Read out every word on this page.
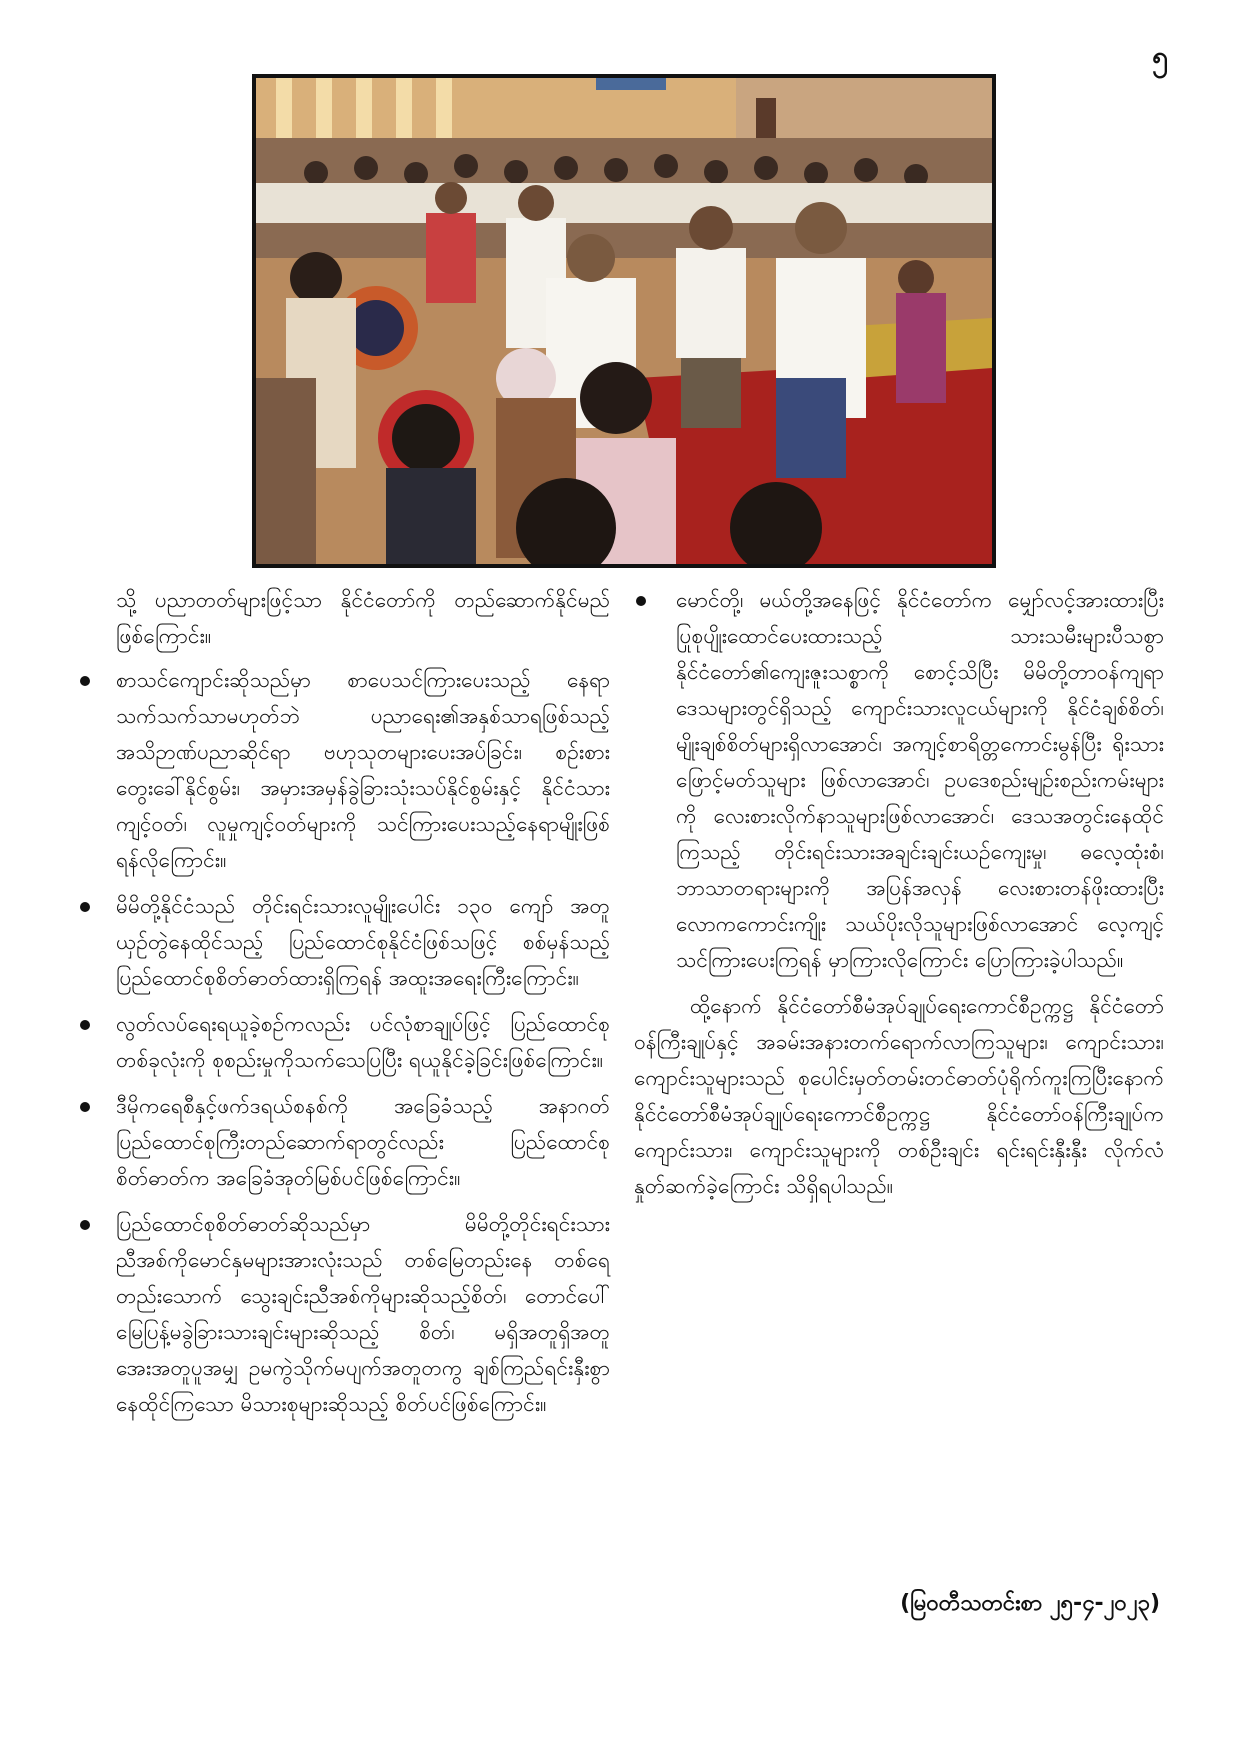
၅

သို့ ပညာတတ်များဖြင့်သာ နိုင်ငံတော်ကို တည်ဆောက်နိုင်မည်ဖြစ်ကြောင်း။

စာသင်ကျောင်းဆိုသည်မှာ စာပေသင်ကြားပေးသည့် နေရာသက်သက်သာမဟုတ်ဘဲ ပညာရေး၏အနှစ်သာရဖြစ်သည့် အသိဉာဏ်ပညာဆိုင်ရာ ဗဟုသုတများပေးအပ်ခြင်း၊ စဉ်းစားတွေးခေါ်နိုင်စွမ်း၊ အမှားအမှန်ခွဲခြားသုံးသပ်နိုင်စွမ်းနှင့် နိုင်ငံသားကျင့်ဝတ်၊ လူမှုကျင့်ဝတ်များကို သင်ကြားပေးသည့်နေရာမျိုးဖြစ်ရန်လိုကြောင်း။
မိမိတို့နိုင်ငံသည် တိုင်းရင်းသားလူမျိုးပေါင်း ၁၃၀ ကျော် အတူယှဉ်တွဲနေထိုင်သည့် ပြည်ထောင်စုနိုင်ငံဖြစ်သဖြင့် စစ်မှန်သည့်ပြည်ထောင်စုစိတ်ဓာတ်ထားရှိကြရန် အထူးအရေးကြီးကြောင်း။
လွတ်လပ်ရေးရယူခဲ့စဉ်ကလည်း ပင်လုံစာချုပ်ဖြင့် ပြည်ထောင်စုတစ်ခုလုံးကို စုစည်းမှုကိုသက်သေပြပြီး ရယူနိုင်ခဲ့ခြင်းဖြစ်ကြောင်း။
ဒီမိုကရေစီနှင့်ဖက်ဒရယ်စနစ်ကို အခြေခံသည့် အနာဂတ်ပြည်ထောင်စုကြီးတည်ဆောက်ရာတွင်လည်း ပြည်ထောင်စုစိတ်ဓာတ်က အခြေခံအုတ်မြစ်ပင်ဖြစ်ကြောင်း။
ပြည်ထောင်စုစိတ်ဓာတ်ဆိုသည်မှာ မိမိတို့တိုင်းရင်းသားညီအစ်ကိုမောင်နှမများအားလုံးသည် တစ်မြေတည်းနေ တစ်ရေတည်းသောက် သွေးချင်းညီအစ်ကိုများဆိုသည့်စိတ်၊ တောင်ပေါ်မြေပြန့်မခွဲခြားသားချင်းများဆိုသည့် စိတ်၊ မရှိအတူရှိအတူ အေးအတူပူအမျှ ဥမကွဲသိုက်မပျက်အတူတကွ ချစ်ကြည်ရင်းနှီးစွာ နေထိုင်ကြသော မိသားစုများဆိုသည့် စိတ်ပင်ဖြစ်ကြောင်း။
မောင်တို့၊ မယ်တို့အနေဖြင့် နိုင်ငံတော်က မျှော်လင့်အားထားပြီး ပြုစုပျိုးထောင်ပေးထားသည့် သားသမီးများပီသစွာ နိုင်ငံတော်၏ကျေးဇူးသစ္စာကို စောင့်သိပြီး မိမိတို့တာဝန်ကျရာဒေသများတွင်ရှိသည့် ကျောင်းသားလူငယ်များကို နိုင်ငံချစ်စိတ်၊ မျိုးချစ်စိတ်များရှိလာအောင်၊ အကျင့်စာရိတ္တကောင်းမွန်ပြီး ရိုးသားဖြောင့်မတ်သူများ ဖြစ်လာအောင်၊ ဥပဒေစည်းမျဉ်းစည်းကမ်းများကို လေးစားလိုက်နာသူများဖြစ်လာအောင်၊ ဒေသအတွင်းနေထိုင်ကြသည့် တိုင်းရင်းသားအချင်းချင်းယဉ်ကျေးမှု၊ ဓလေ့ထုံးစံ၊ ဘာသာတရားများကို အပြန်အလှန် လေးစားတန်ဖိုးထားပြီး လောကကောင်းကျိုး သယ်ပိုးလိုသူများဖြစ်လာအောင် လေ့ကျင့်သင်ကြားပေးကြရန် မှာကြားလိုကြောင်း ပြောကြားခဲ့ပါသည်။

ထို့နောက် နိုင်ငံတော်စီမံအုပ်ချုပ်ရေးကောင်စီဥက္ကဋ္ဌ နိုင်ငံတော်ဝန်ကြီးချုပ်နှင့် အခမ်းအနားတက်ရောက်လာကြသူများ၊ ကျောင်းသား၊ ကျောင်းသူများသည် စုပေါင်းမှတ်တမ်းတင်ဓာတ်ပုံရိုက်ကူးကြပြီးနောက် နိုင်ငံတော်စီမံအုပ်ချုပ်ရေးကောင်စီဥက္ကဋ္ဌ နိုင်ငံတော်ဝန်ကြီးချုပ်က ကျောင်းသား၊ ကျောင်းသူများကို တစ်ဦးချင်း ရင်းရင်းနှီးနှီး လိုက်လံနှုတ်ဆက်ခဲ့ကြောင်း သိရှိရပါသည်။

(မြဝတီသတင်းစာ ၂၅-၄-၂၀၂၃)
